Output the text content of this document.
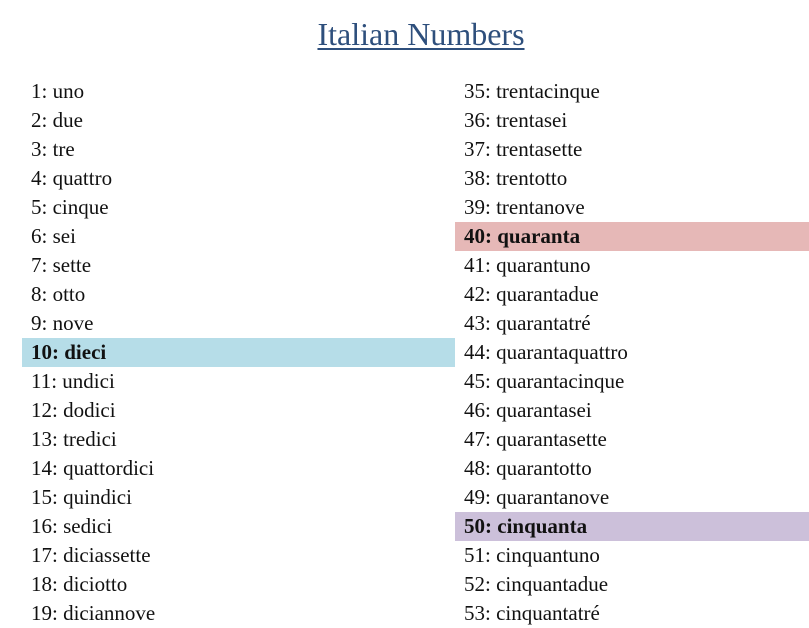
Italian Numbers
1: uno
2: due
3: tre
4: quattro
5: cinque
6: sei
7: sette
8: otto
9: nove
10: dieci
11: undici
12: dodici
13: tredici
14: quattordici
15: quindici
16: sedici
17: diciassette
18: diciotto
19: diciannove
35: trentacinque
36: trentasei
37: trentasette
38: trentotto
39: trentanove
40: quaranta
41: quarantuno
42: quarantadue
43: quarantatré
44: quarantaquattro
45: quarantacinque
46: quarantasei
47: quarantasette
48: quarantotto
49: quarantanove
50: cinquanta
51: cinquantuno
52: cinquantadue
53: cinquantatré
